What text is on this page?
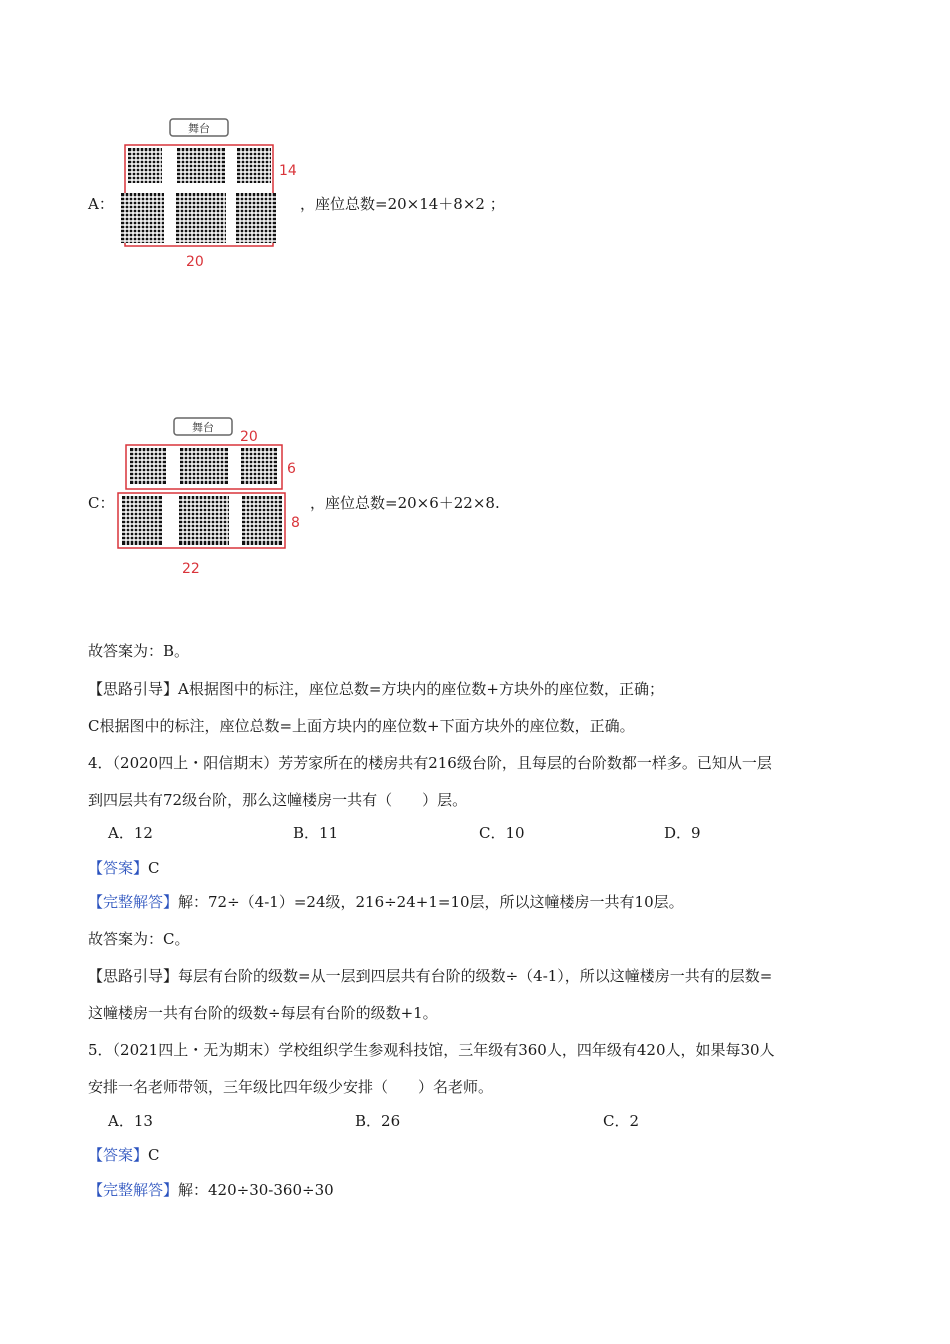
A：
舞台
14
20
，座位总数=20×14＋8×2 ；
C：
舞台
20
6
8
22
，座位总数=20×6＋22×8.
故答案为：B。
【思路引导】A根据图中的标注，座位总数=方块内的座位数+方块外的座位数，正确；
C根据图中的标注，座位总数=上面方块内的座位数+下面方块外的座位数，正确。
4．（2020四上・阳信期末）芳芳家所在的楼房共有216级台阶，且每层的台阶数都一样多。已知从一层
到四层共有72级台阶，那么这幢楼房一共有（　　）层。
A．12	B．11	C．10	D．9
【答案】C
【完整解答】解：72÷（4-1）=24级，216÷24+1=10层，所以这幢楼房一共有10层。
故答案为：C。
【思路引导】每层有台阶的级数=从一层到四层共有台阶的级数÷（4-1），所以这幢楼房一共有的层数=
这幢楼房一共有台阶的级数÷每层有台阶的级数+1。
5．（2021四上・无为期末）学校组织学生参观科技馆，三年级有360人，四年级有420人，如果每30人
安排一名老师带领，三年级比四年级少安排（　　）名老师。
A．13	B．26	C．2
【答案】C
【完整解答】解：420÷30-360÷30
